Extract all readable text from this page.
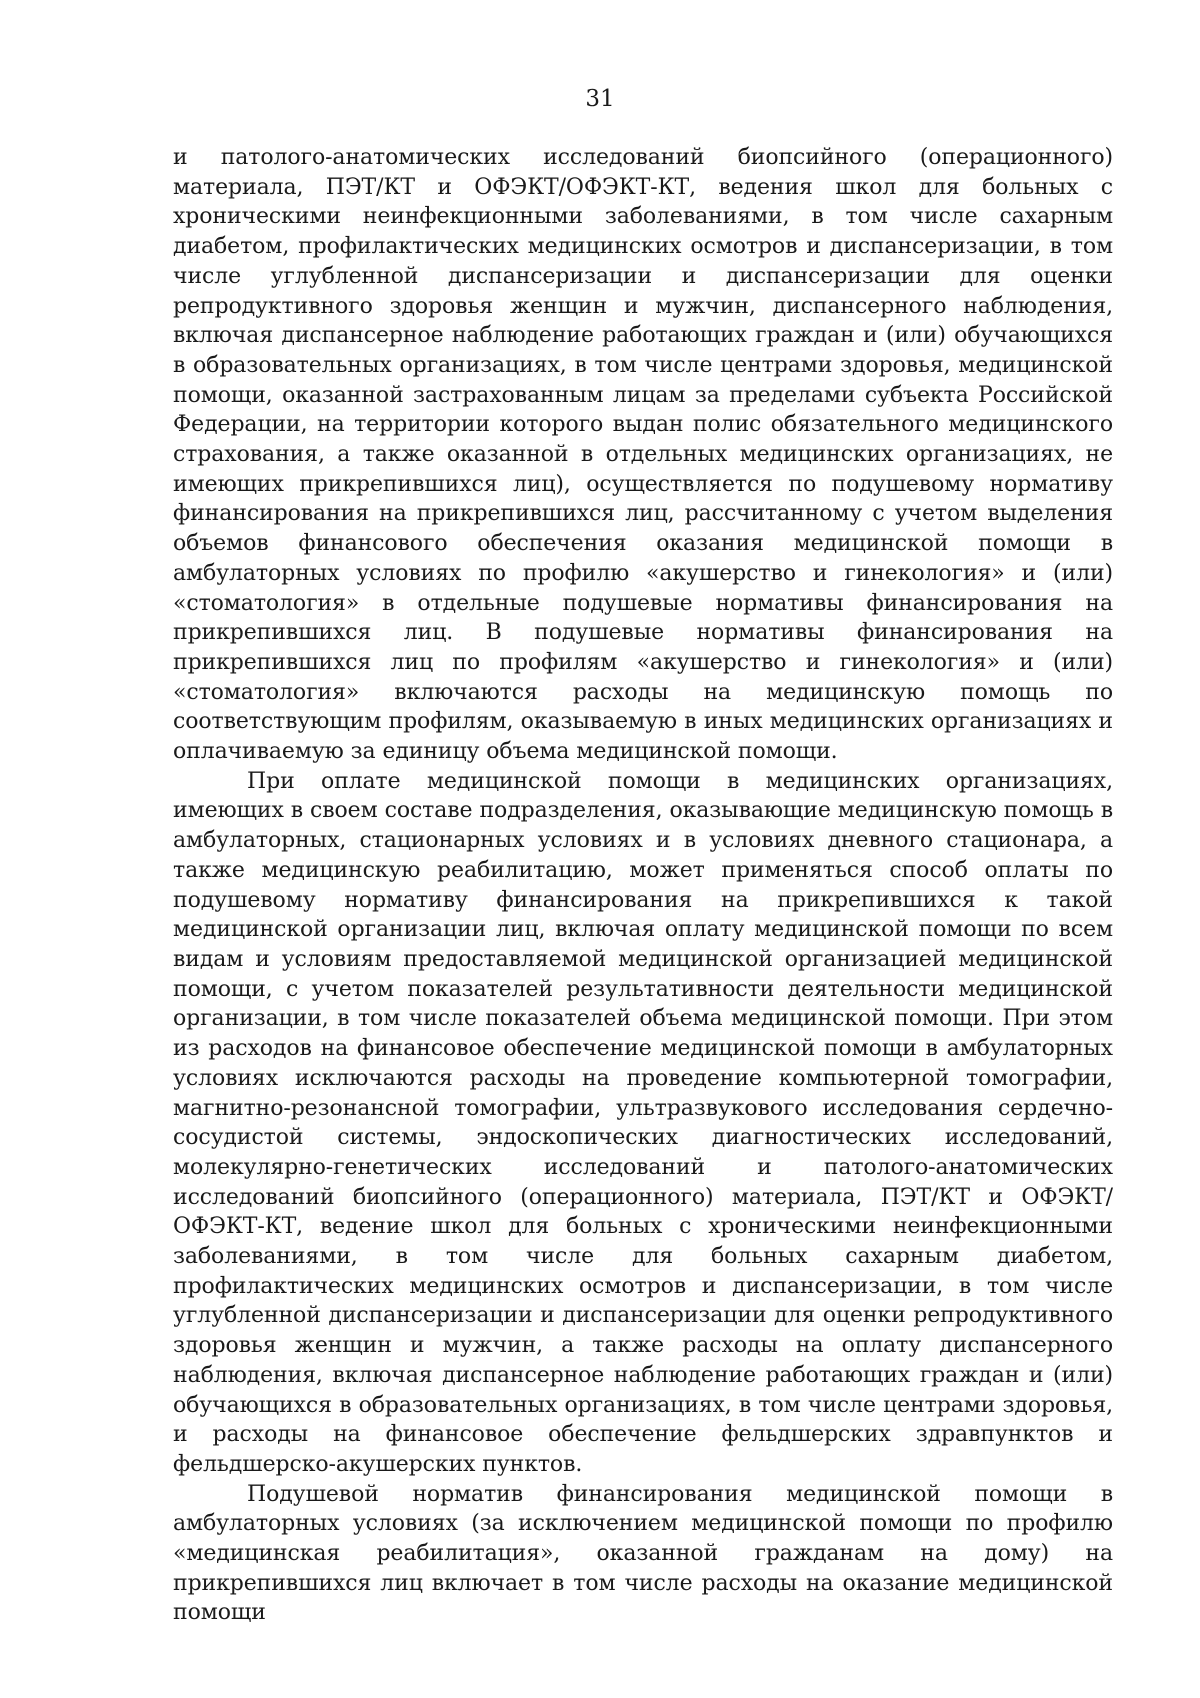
31

и патолого-анатомических исследований биопсийного (операционного) материала, ПЭТ/КТ и ОФЭКТ/ОФЭКТ-КТ, ведения школ для больных с хроническими неинфекционными заболеваниями, в том числе сахарным диабетом, профилактических медицинских осмотров и диспансеризации, в том числе углубленной диспансеризации и диспансеризации для оценки репродуктивного здоровья женщин и мужчин, диспансерного наблюдения, включая диспансерное наблюдение работающих граждан и (или) обучающихся в образовательных организациях, в том числе центрами здоровья, медицинской помощи, оказанной застрахованным лицам за пределами субъекта Российской Федерации, на территории которого выдан полис обязательного медицинского страхования, а также оказанной в отдельных медицинских организациях, не имеющих прикрепившихся лиц), осуществляется по подушевому нормативу финансирования на прикрепившихся лиц, рассчитанному с учетом выделения объемов финансового обеспечения оказания медицинской помощи в амбулаторных условиях по профилю «акушерство и гинекология» и (или) «стоматология» в отдельные подушевые нормативы финансирования на прикрепившихся лиц. В подушевые нормативы финансирования на прикрепившихся лиц по профилям «акушерство и гинекология» и (или) «стоматология» включаются расходы на медицинскую помощь по соответствующим профилям, оказываемую в иных медицинских организациях и оплачиваемую за единицу объема медицинской помощи.

При оплате медицинской помощи в медицинских организациях, имеющих в своем составе подразделения, оказывающие медицинскую помощь в амбулаторных, стационарных условиях и в условиях дневного стационара, а также медицинскую реабилитацию, может применяться способ оплаты по подушевому нормативу финансирования на прикрепившихся к такой медицинской организации лиц, включая оплату медицинской помощи по всем видам и условиям предоставляемой медицинской организацией медицинской помощи, с учетом показателей результативности деятельности медицинской организации, в том числе показателей объема медицинской помощи. При этом из расходов на финансовое обеспечение медицинской помощи в амбулаторных условиях исключаются расходы на проведение компьютерной томографии, магнитно-резонансной томографии, ультразвукового исследования сердечно-сосудистой системы, эндоскопических диагностических исследований, молекулярно-генетических исследований и патолого-анатомических исследований биопсийного (операционного) материала, ПЭТ/КТ и ОФЭКТ/ОФЭКТ-КТ, ведение школ для больных с хроническими неинфекционными заболеваниями, в том числе для больных сахарным диабетом, профилактических медицинских осмотров и диспансеризации, в том числе углубленной диспансеризации и диспансеризации для оценки репродуктивного здоровья женщин и мужчин, а также расходы на оплату диспансерного наблюдения, включая диспансерное наблюдение работающих граждан и (или) обучающихся в образовательных организациях, в том числе центрами здоровья, и расходы на финансовое обеспечение фельдшерских здравпунктов и фельдшерско-акушерских пунктов.

Подушевой норматив финансирования медицинской помощи в амбулаторных условиях (за исключением медицинской помощи по профилю «медицинская реабилитация», оказанной гражданам на дому) на прикрепившихся лиц включает в том числе расходы на оказание медицинской помощи
